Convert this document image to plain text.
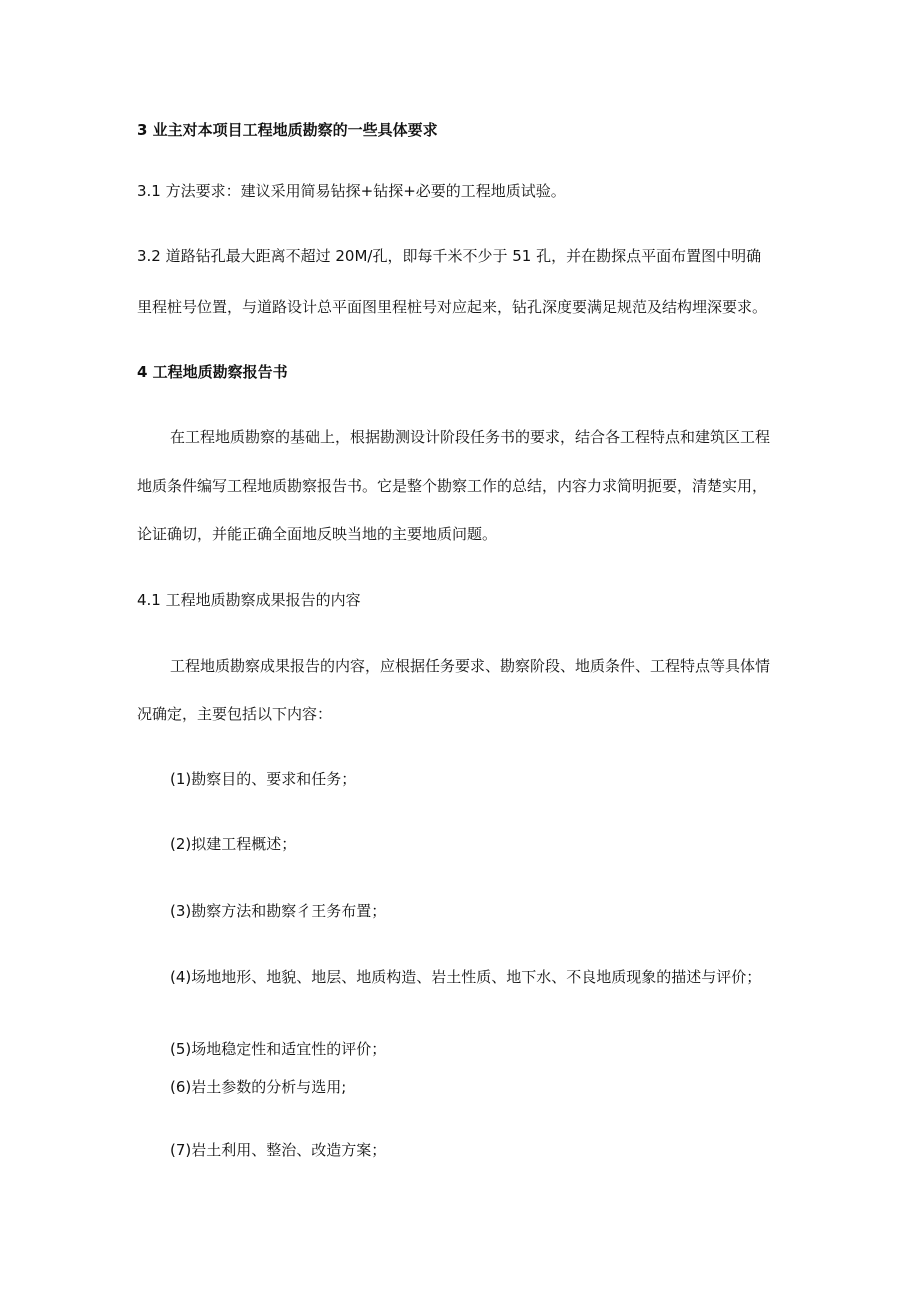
3 业主对本项目工程地质勘察的一些具体要求
3.1 方法要求：建议采用简易钻探+钻探+必要的工程地质试验。
3.2 道路钻孔最大距离不超过 20M/孔，即每千米不少于 51 孔，并在勘探点平面布置图中明确
里程桩号位置，与道路设计总平面图里程桩号对应起来，钻孔深度要满足规范及结构埋深要求。
4 工程地质勘察报告书
在工程地质勘察的基础上，根据勘测设计阶段任务书的要求，结合各工程特点和建筑区工程
地质条件编写工程地质勘察报告书。它是整个勘察工作的总结，内容力求简明扼要，清楚实用，
论证确切，并能正确全面地反映当地的主要地质问题。
4.1 工程地质勘察成果报告的内容
工程地质勘察成果报告的内容，应根据任务要求、勘察阶段、地质条件、工程特点等具体情
况确定，主要包括以下内容：
(1)勘察目的、要求和任务；
(2)拟建工程概述；
(3)勘察方法和勘察彳王务布置；
(4)场地地形、地貌、地层、地质构造、岩土性质、地下水、不良地质现象的描述与评价；
(5)场地稳定性和适宜性的评价；
(6)岩土参数的分析与选用;
(7)岩土利用、整治、改造方案；
